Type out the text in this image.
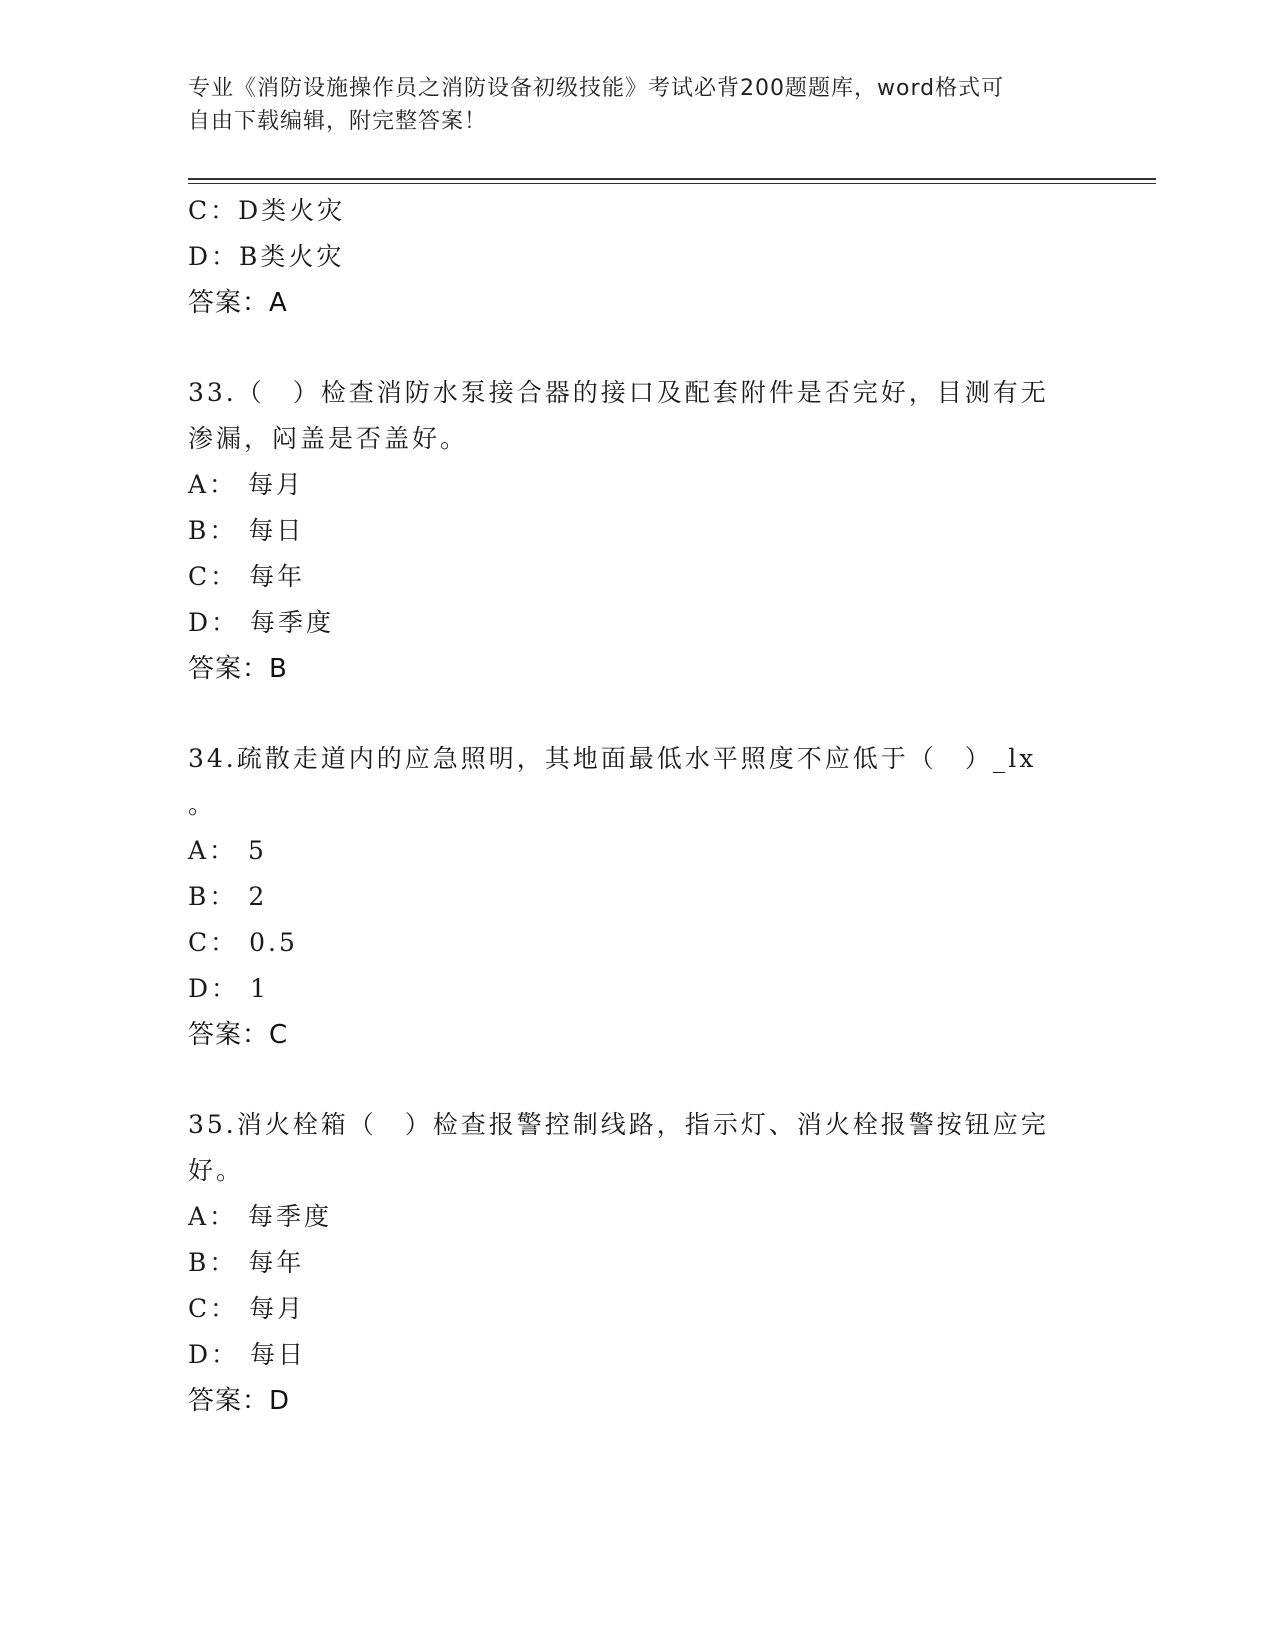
专业《消防设施操作员之消防设备初级技能》考试必背200题题库，word格式可
自由下载编辑，附完整答案！
C：D类火灾
D：B类火灾
答案：A
33.（　）检查消防水泵接合器的接口及配套附件是否完好，目测有无
渗漏，闷盖是否盖好。
A： 每月
B： 每日
C： 每年
D： 每季度
答案：B
34.疏散走道内的应急照明，其地面最低水平照度不应低于（　）_lx
。
A： 5
B： 2
C： 0.5
D： 1
答案：C
35.消火栓箱（　）检查报警控制线路，指示灯、消火栓报警按钮应完
好。
A： 每季度
B： 每年
C： 每月
D： 每日
答案：D
